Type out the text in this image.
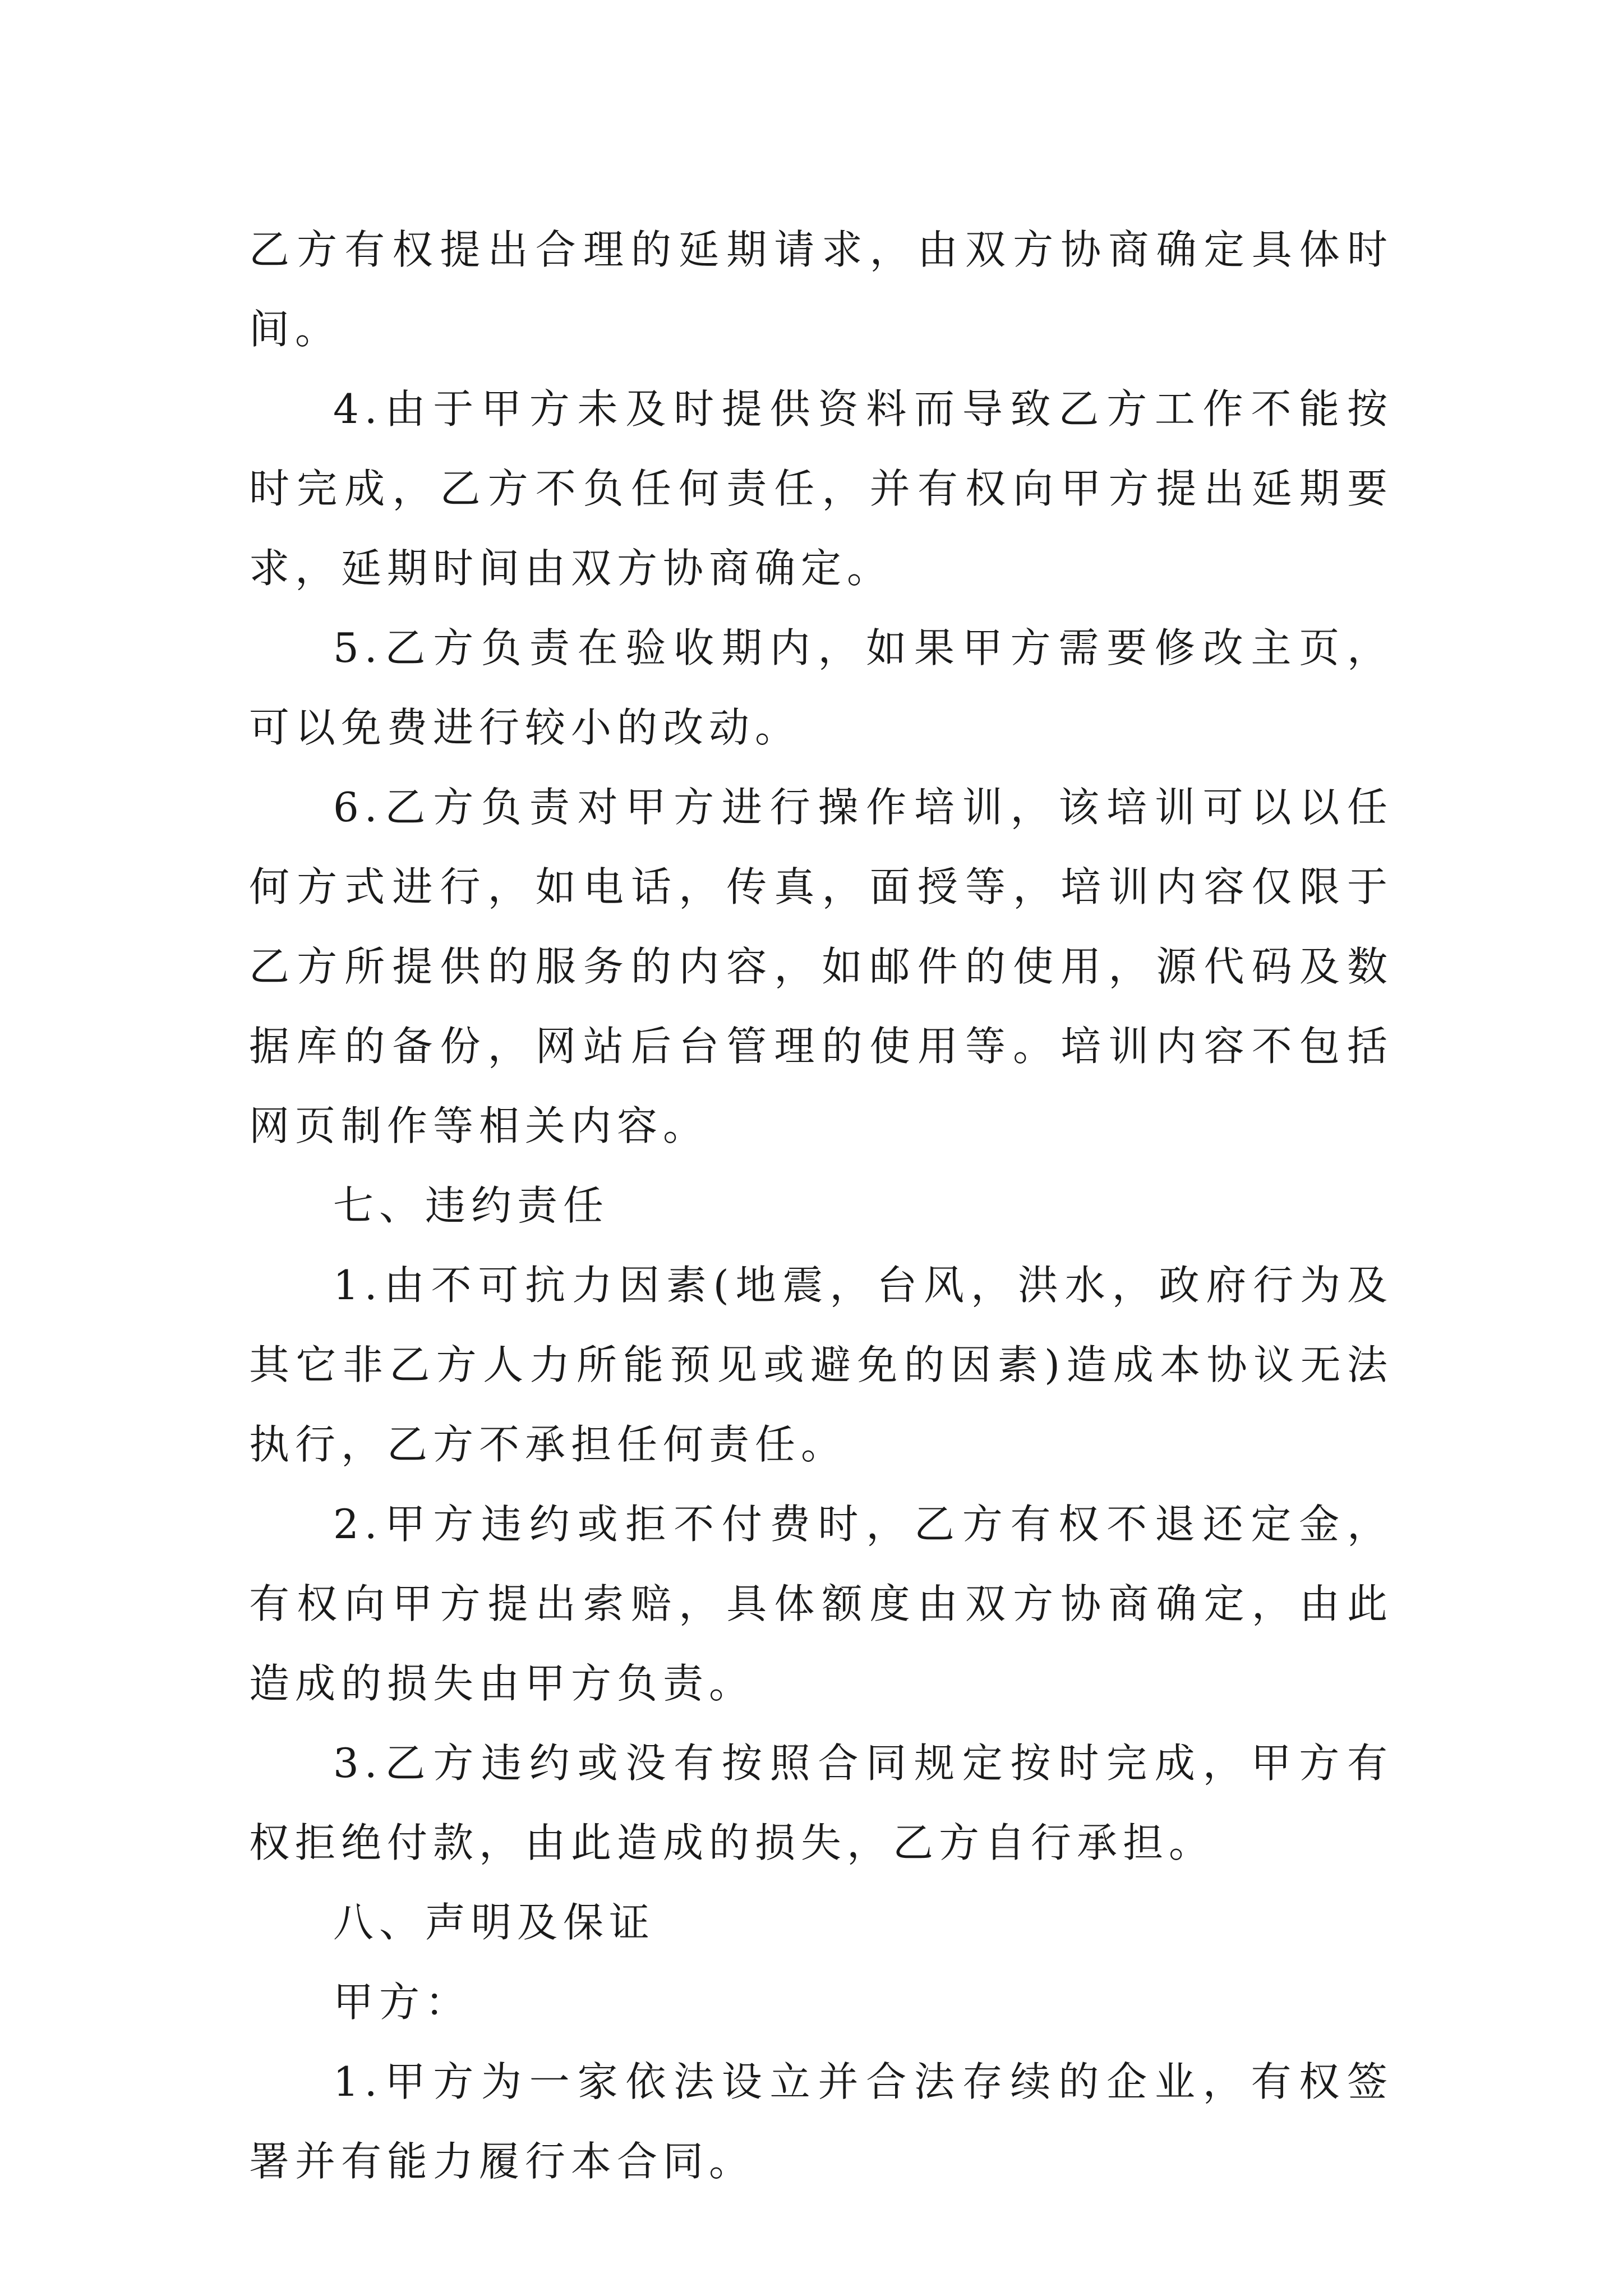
乙方有权提出合理的延期请求，由双方协商确定具体时间。

4.由于甲方未及时提供资料而导致乙方工作不能按时完成，乙方不负任何责任，并有权向甲方提出延期要求，延期时间由双方协商确定。

5.乙方负责在验收期内，如果甲方需要修改主页，可以免费进行较小的改动。

6.乙方负责对甲方进行操作培训，该培训可以以任何方式进行，如电话，传真，面授等，培训内容仅限于乙方所提供的服务的内容，如邮件的使用，源代码及数据库的备份，网站后台管理的使用等。培训内容不包括网页制作等相关内容。

七、违约责任

1.由不可抗力因素(地震，台风，洪水，政府行为及其它非乙方人力所能预见或避免的因素)造成本协议无法执行，乙方不承担任何责任。

2.甲方违约或拒不付费时，乙方有权不退还定金，有权向甲方提出索赔，具体额度由双方协商确定，由此造成的损失由甲方负责。

3.乙方违约或没有按照合同规定按时完成，甲方有权拒绝付款，由此造成的损失，乙方自行承担。

八、声明及保证

甲方：

1.甲方为一家依法设立并合法存续的企业，有权签署并有能力履行本合同。
